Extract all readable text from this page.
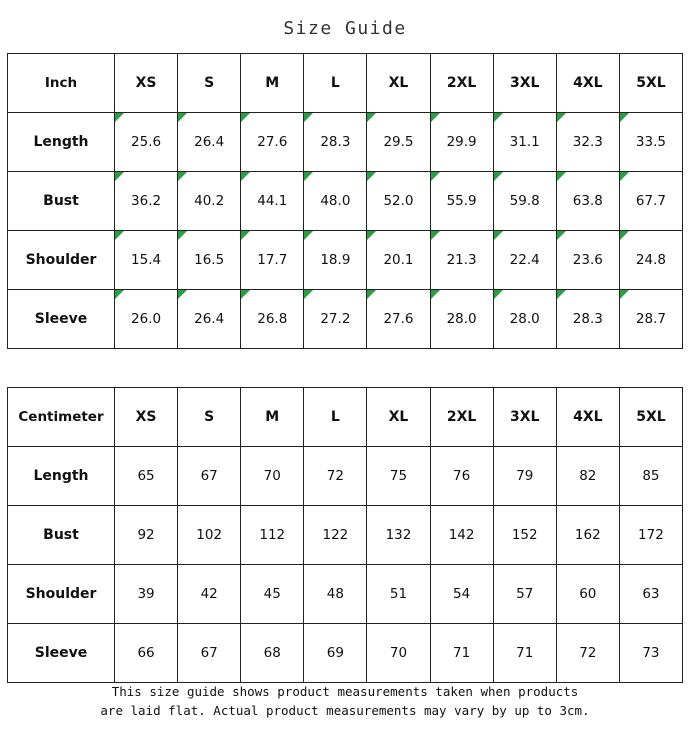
Size Guide
Inch	XS	S	M	L	XL	2XL	3XL	4XL	5XL
Length	25.6	26.4	27.6	28.3	29.5	29.9	31.1	32.3	33.5
Bust	36.2	40.2	44.1	48.0	52.0	55.9	59.8	63.8	67.7
Shoulder	15.4	16.5	17.7	18.9	20.1	21.3	22.4	23.6	24.8
Sleeve	26.0	26.4	26.8	27.2	27.6	28.0	28.0	28.3	28.7
Centimeter	XS	S	M	L	XL	2XL	3XL	4XL	5XL
Length	65	67	70	72	75	76	79	82	85
Bust	92	102	112	122	132	142	152	162	172
Shoulder	39	42	45	48	51	54	57	60	63
Sleeve	66	67	68	69	70	71	71	72	73
This size guide shows product measurements taken when products
are laid flat. Actual product measurements may vary by up to 3cm.
